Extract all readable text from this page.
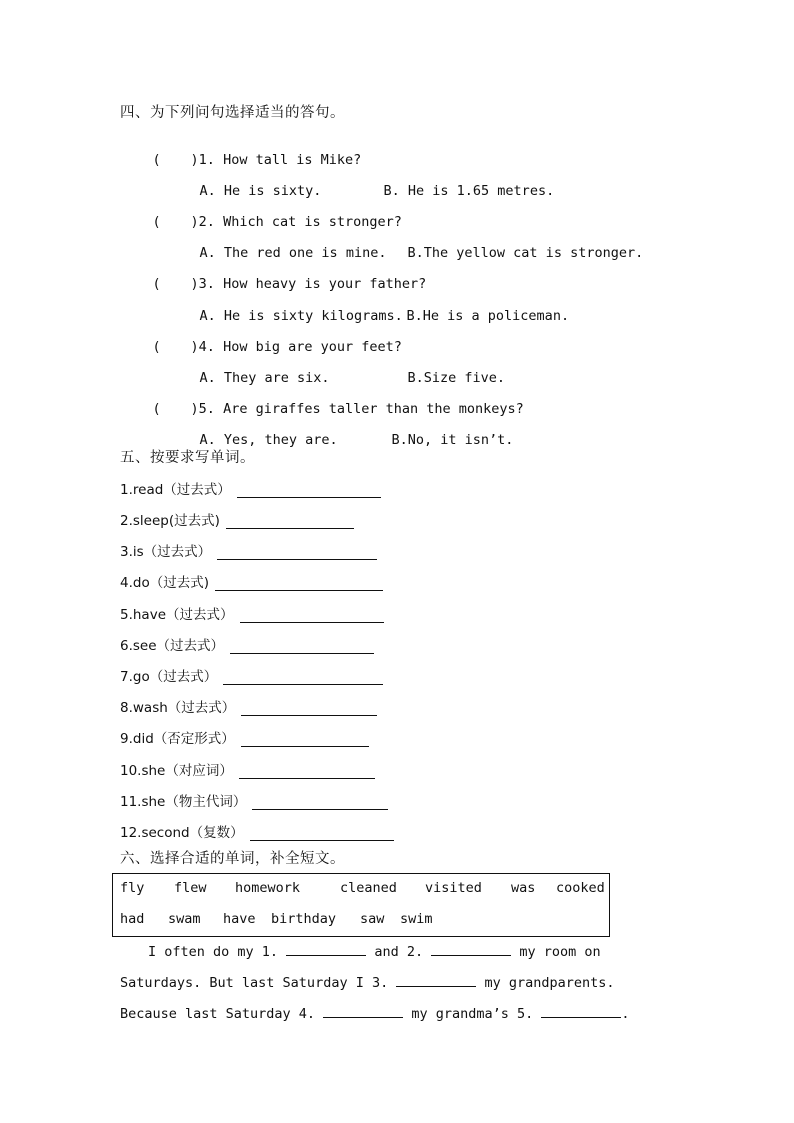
四、为下列问句选择适当的答句。

( )1. How tall is Mike?

A. He is sixty.	B. He is 1.65 metres.

( )2. Which cat is stronger?

A. The red one is mine. B.The yellow cat is stronger.

( )3. How heavy is your father?

A. He is sixty kilograms. B.He is a policeman.

( )4. How big are your feet?

A. They are six.	B.Size five.

( )5. Are giraffes taller than the monkeys?

A. Yes, they are.	B.No, it isn’t.

五、按要求写单词。
1.read（过去式）
2.sleep(过去式)
3.is（过去式）
4.do（过去式)
5.have（过去式）
6.see（过去式）
7.go（过去式）
8.wash（过去式）
9.did（否定形式）
10.she（对应词）
11.she（物主代词）
12.second（复数）
六、选择合适的单词，补全短文。

fly

flew

homework

	cleaned

visited

was

cooked

had

swam

have

birthday

saw

swim

I often do my 1.	and 2.	my room on
Saturdays. But last Saturday I 3.	my grandparents.
Because last Saturday 4.	my grandma’s 5.	.
